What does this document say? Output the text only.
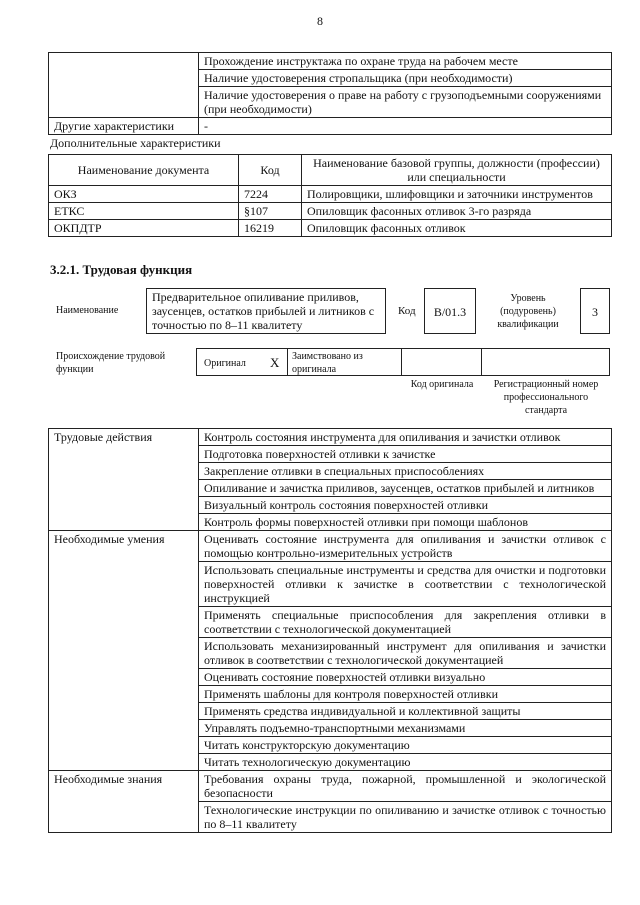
8
	Прохождение инструктажа по охране труда на рабочем месте
	Наличие удостоверения стропальщика (при необходимости)
	Наличие удостоверения о праве на работу с грузоподъемными сооружениями (при необходимости)
Другие характеристики	-
Дополнительные характеристики
Наименование документа	Код	Наименование базовой группы, должности (профессии) или специальности
ОКЗ	7224	Полировщики, шлифовщики и заточники инструментов
ЕТКС	§107	Опиловщик фасонных отливок 3-го разряда
ОКПДТР	16219	Опиловщик фасонных отливок
3.2.1. Трудовая функция
Наименование
Предварительное опиливание приливов, заусенцев, остатков прибылей и литников с точностью по 8–11 квалитету
Код	B/01.3
Уровень (подуровень) квалификации
3
Происхождение трудовой функции
Оригинал X Заимствовано из оригинала
Код оригинала	Регистрационный номер профессионального стандарта
Трудовые действия	Контроль состояния инструмента для опиливания и зачистки отливок
	Подготовка поверхностей отливки к зачистке
	Закрепление отливки в специальных приспособлениях
	Опиливание и зачистка приливов, заусенцев, остатков прибылей и литников
	Визуальный контроль состояния поверхностей отливки
	Контроль формы поверхностей отливки при помощи шаблонов
Необходимые умения	Оценивать состояние инструмента для опиливания и зачистки отливок с помощью контрольно-измерительных устройств
	Использовать специальные инструменты и средства для очистки и подготовки поверхностей отливки к зачистке в соответствии с технологической инструкцией
	Применять специальные приспособления для закрепления отливки в соответствии с технологической документацией
	Использовать механизированный инструмент для опиливания и зачистки отливок в соответствии с технологической документацией
	Оценивать состояние поверхностей отливки визуально
	Применять шаблоны для контроля поверхностей отливки
	Применять средства индивидуальной и коллективной защиты
	Управлять подъемно-транспортными механизмами
	Читать конструкторскую документацию
	Читать технологическую документацию
Необходимые знания	Требования охраны труда, пожарной, промышленной и экологической безопасности
	Технологические инструкции по опиливанию и зачистке отливок с точностью по 8–11 квалитету
